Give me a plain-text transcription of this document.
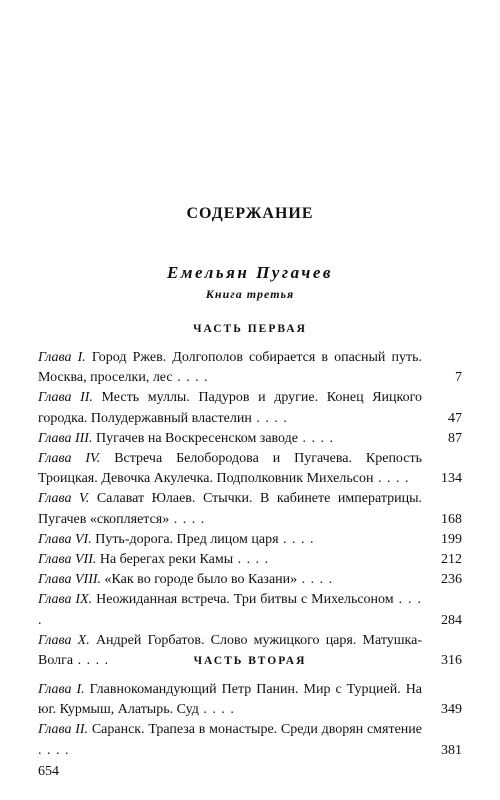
СОДЕРЖАНИЕ
Емельян Пугачев
Книга третья
ЧАСТЬ ПЕРВАЯ
Глава I. Город Ржев. Долгополов собирается в опасный путь. Москва, проселки, лес . . . .	7
Глава II. Месть муллы. Падуров и другие. Конец Яицкого городка. Полудержавный властелин . . . .	47
Глава III. Пугачев на Воскресенском заводе . . . .	87
Глава IV. Встреча Белобородова и Пугачева. Крепость Троицкая. Девочка Акулечка. Подполковник Михельсон . . . .	134
Глава V. Салават Юлаев. Стычки. В кабинете императрицы. Пугачев «скопляется» . . . .	168
Глава VI. Путь-дорога. Пред лицом царя . . . .	199
Глава VII. На берегах реки Камы . . . .	212
Глава VIII. «Как во городе было во Казани» . . . .	236
Глава IX. Неожиданная встреча. Три битвы с Михельсоном . . . .	284
Глава X. Андрей Горбатов. Слово мужицкого царя. Матушка-Волга . . . .	316
ЧАСТЬ ВТОРАЯ
Глава I. Главнокомандующий Петр Панин. Мир с Турцией. На юг. Курмыш, Алатырь. Суд . . . .	349
Глава II. Саранск. Трапеза в монастыре. Среди дворян смятение . . . .	381
654
